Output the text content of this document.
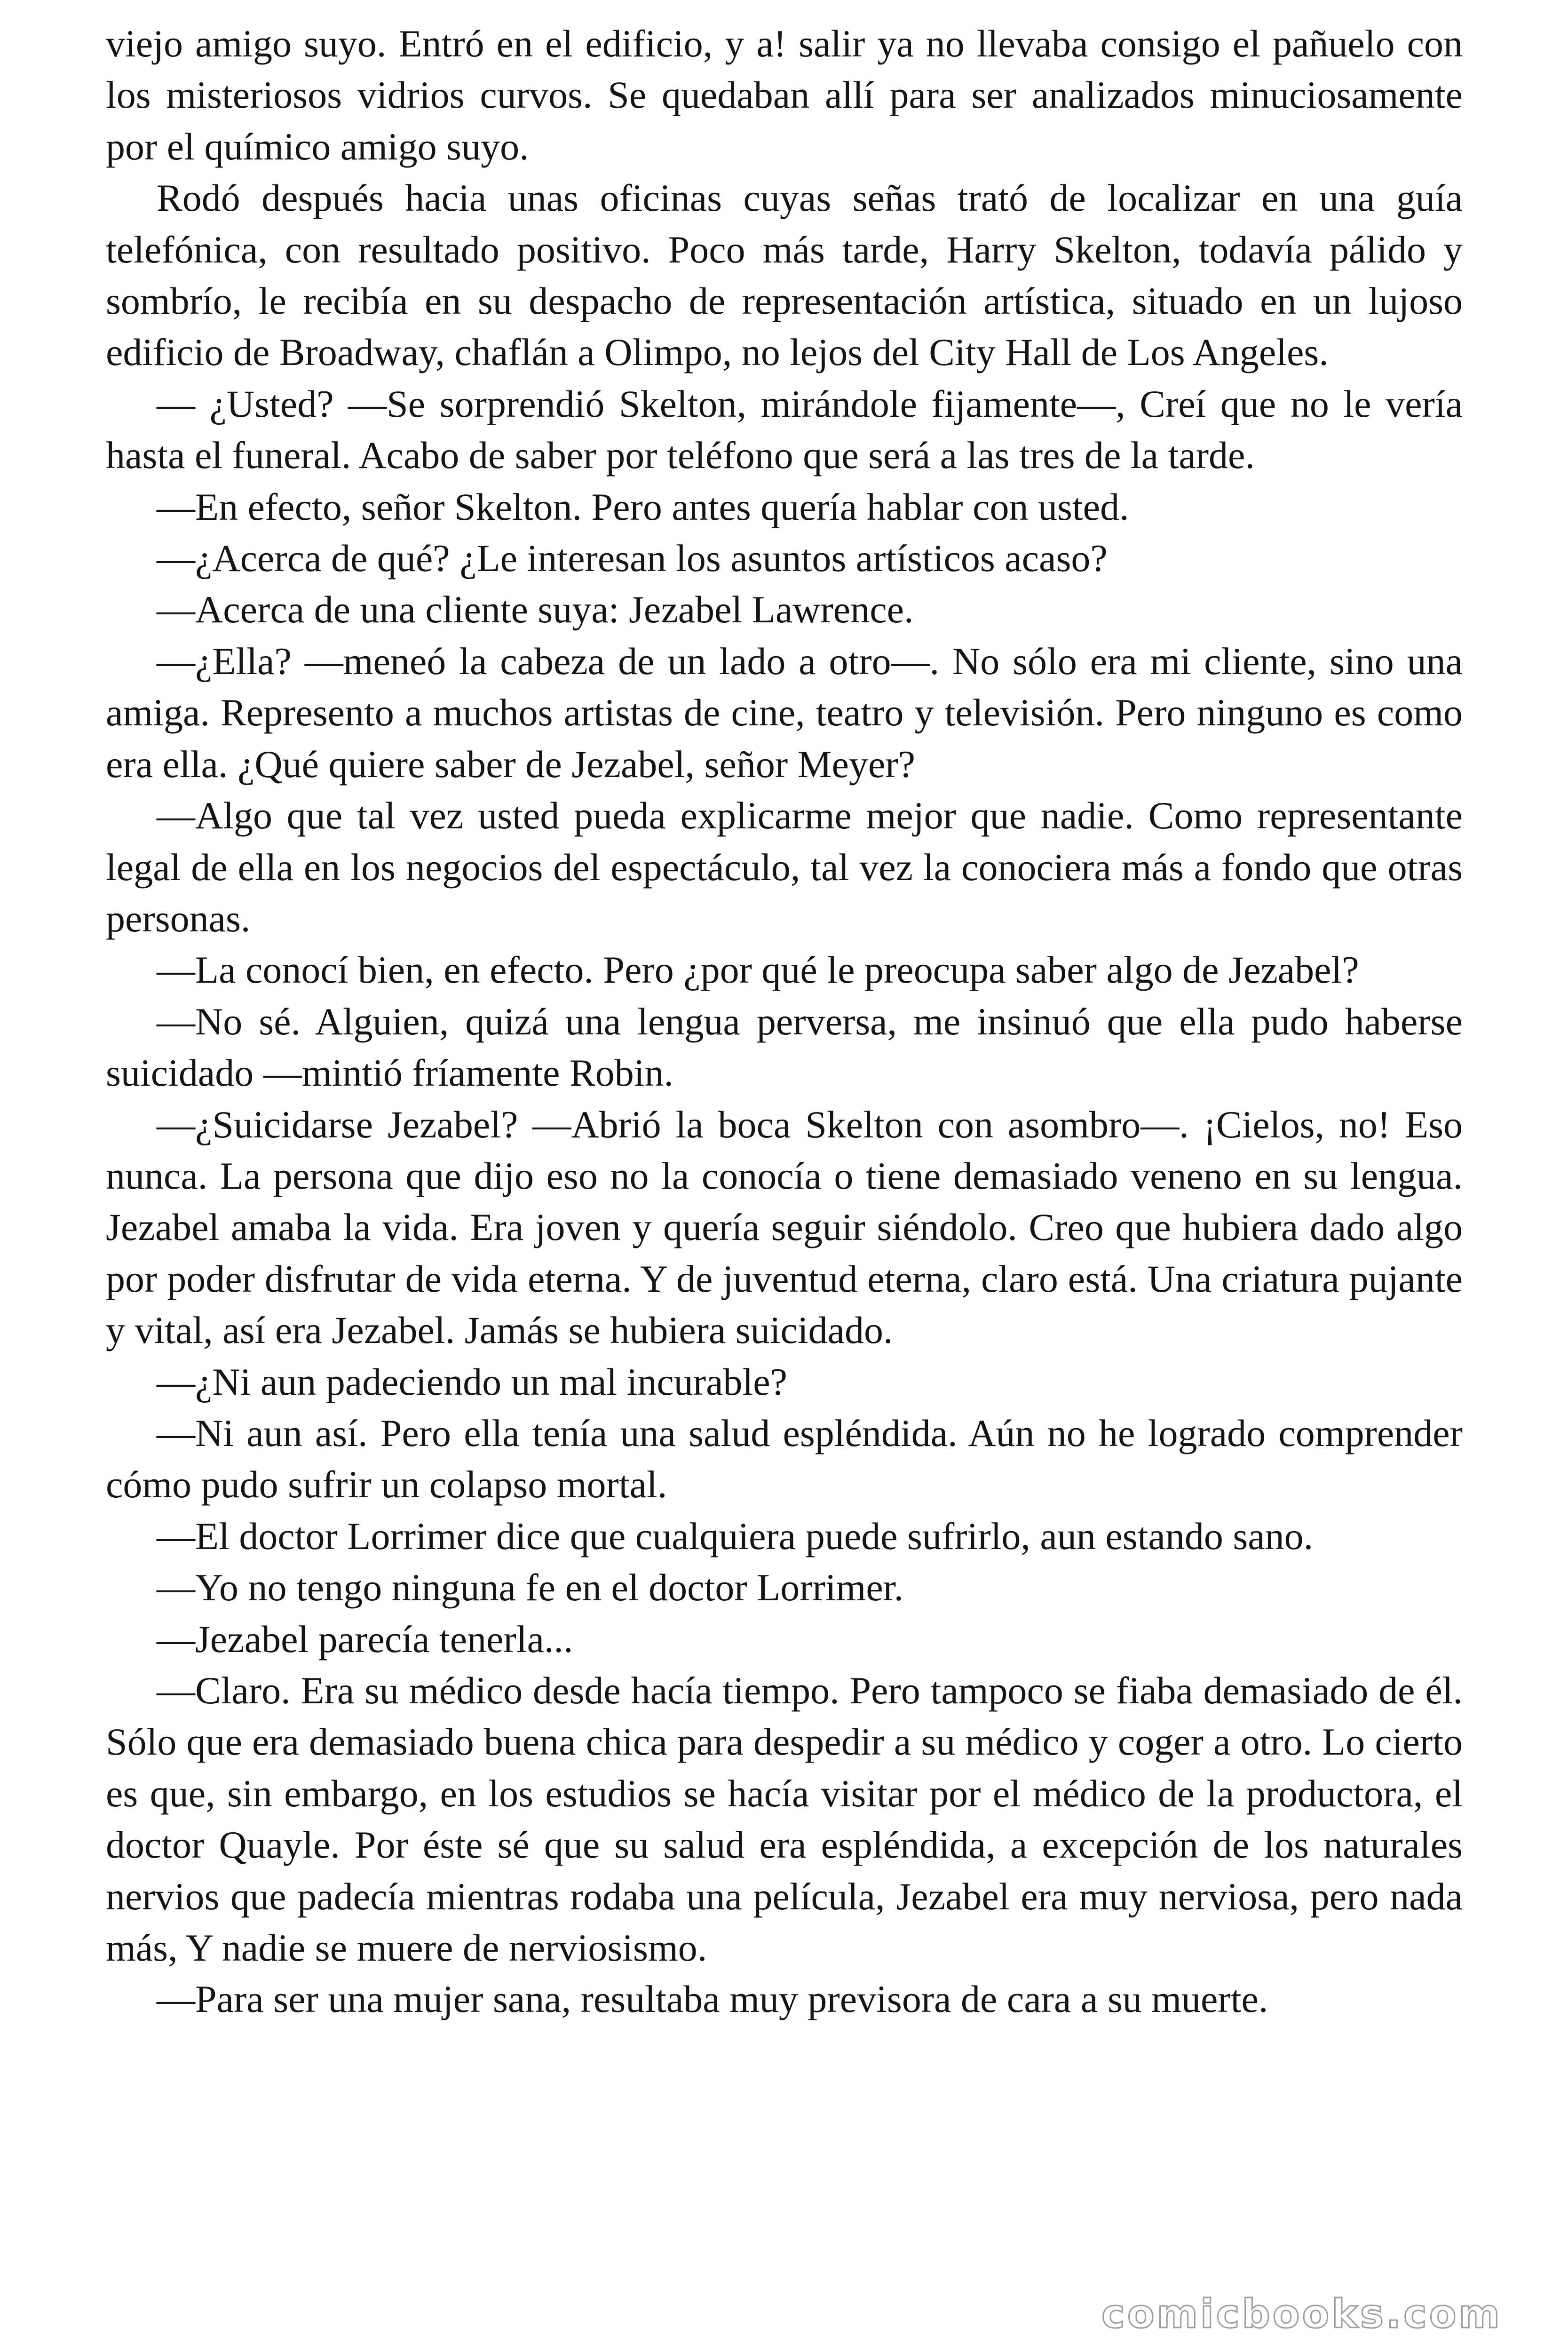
viejo amigo suyo. Entró en el edificio, y a! salir ya no llevaba consigo el pañuelo con los misteriosos vidrios curvos. Se quedaban allí para ser analizados minuciosamente por el químico amigo suyo.

Rodó después hacia unas oficinas cuyas señas trató de localizar en una guía telefónica, con resultado positivo. Poco más tarde, Harry Skelton, todavía pálido y sombrío, le recibía en su despacho de representación artística, situado en un lujoso edificio de Broadway, chaflán a Olimpo, no lejos del City Hall de Los Angeles.

— ¿Usted? —Se sorprendió Skelton, mirándole fijamente—, Creí que no le vería hasta el funeral. Acabo de saber por teléfono que será a las tres de la tarde.

—En efecto, señor Skelton. Pero antes quería hablar con usted.

—¿Acerca de qué? ¿Le interesan los asuntos artísticos acaso?

—Acerca de una cliente suya: Jezabel Lawrence.

—¿Ella? —meneó la cabeza de un lado a otro—. No sólo era mi cliente, sino una amiga. Represento a muchos artistas de cine, teatro y televisión. Pero ninguno es como era ella. ¿Qué quiere saber de Jezabel, señor Meyer?

—Algo que tal vez usted pueda explicarme mejor que nadie. Como representante legal de ella en los negocios del espectáculo, tal vez la conociera más a fondo que otras personas.

—La conocí bien, en efecto. Pero ¿por qué le preocupa saber algo de Jezabel?

—No sé. Alguien, quizá una lengua perversa, me insinuó que ella pudo haberse suicidado —mintió fríamente Robin.

—¿Suicidarse Jezabel? —Abrió la boca Skelton con asombro—. ¡Cielos, no! Eso nunca. La persona que dijo eso no la conocía o tiene demasiado veneno en su lengua. Jezabel amaba la vida. Era joven y quería seguir siéndolo. Creo que hubiera dado algo por poder disfrutar de vida eterna. Y de juventud eterna, claro está. Una criatura pujante y vital, así era Jezabel. Jamás se hubiera suicidado.

—¿Ni aun padeciendo un mal incurable?

—Ni aun así. Pero ella tenía una salud espléndida. Aún no he logrado comprender cómo pudo sufrir un colapso mortal.

—El doctor Lorrimer dice que cualquiera puede sufrirlo, aun estando sano.

—Yo no tengo ninguna fe en el doctor Lorrimer.

—Jezabel parecía tenerla...

—Claro. Era su médico desde hacía tiempo. Pero tampoco se fiaba demasiado de él. Sólo que era demasiado buena chica para despedir a su médico y coger a otro. Lo cierto es que, sin embargo, en los estudios se hacía visitar por el médico de la productora, el doctor Quayle. Por éste sé que su salud era espléndida, a excepción de los naturales nervios que padecía mientras rodaba una película, Jezabel era muy nerviosa, pero nada más, Y nadie se muere de nerviosismo.

—Para ser una mujer sana, resultaba muy previsora de cara a su muerte.

comicbooks.com
